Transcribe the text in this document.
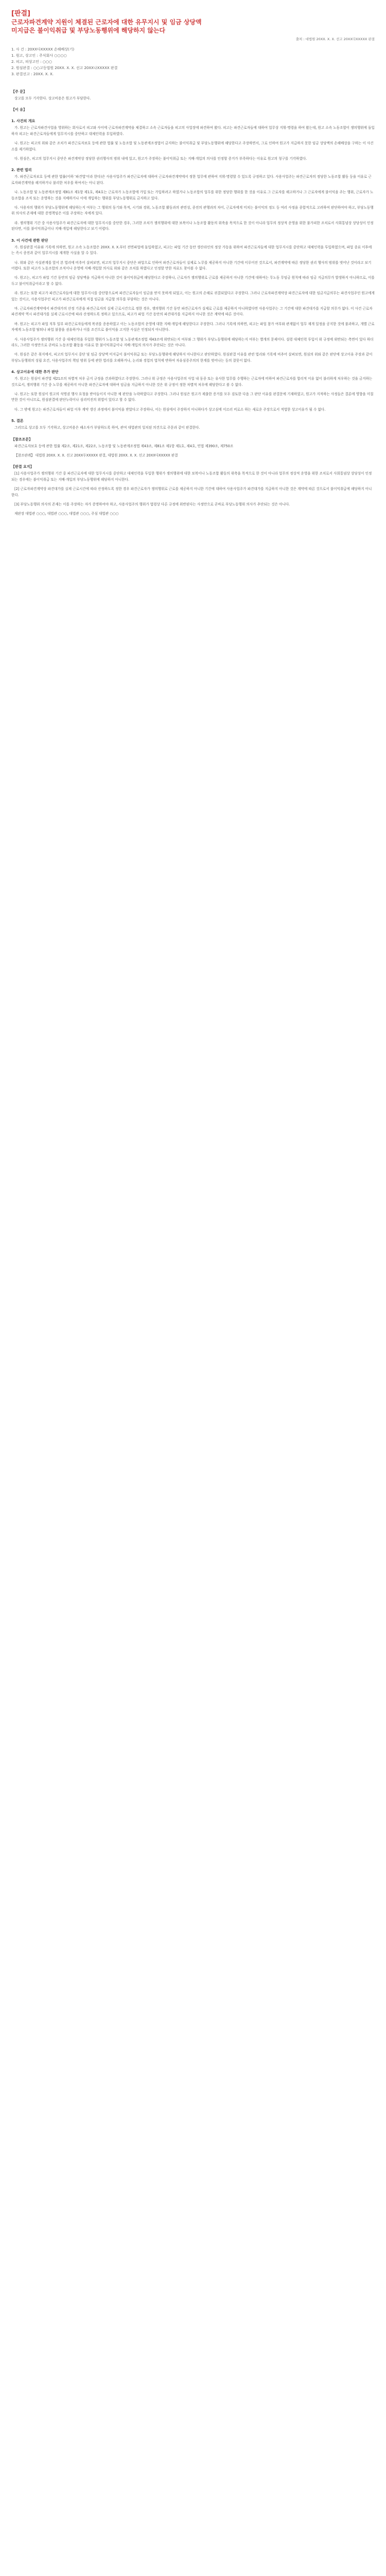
[판결]
근로자파견계약 지원이 체결된 근로자에 대한 유무지시 및 임금 상당액
미지급은 불이익취급 및 부당노동행위에 해당하지 않는다
출처 : 대법원 20XX. X. X. 선고 20XX다XXXXX 판결
1. 사 건 : 20XX다XXXXX 손해배상(기)
1. 원고, 상고인 : 주식회사 ○○○○
2. 피고, 피상고인 : ○○○
2. 원심판결 : ○○고등법원 20XX. X. X. 선고 20XX나XXXXX 판결
3. 판결선고 : 20XX. X. X.
【주 문】

상고를 모두 기각한다. 상고비용은 원고가 부담한다.

【이 유】
1. 사건의 개요

가. 원고는 근로자파견사업을 영위하는 회사로서 피고와 사이에 근로자파견계약을 체결하고 소속 근로자들을 피고의 사업장에 파견하여 왔다. 피고는 파견근로자들에 대하여 업무상 지휘·명령을 하여 왔는데, 원고 소속 노동조합이 쟁의행위에 돌입하자 피고는 파견근로자들에게 업무지시를 중단하고 대체인력을 투입하였다.

나. 원고는 피고의 위와 같은 조치가 파견근로자보호 등에 관한 법률 및 노동조합 및 노동관계조정법이 금지하는 불이익취급 및 부당노동행위에 해당한다고 주장하면서, 그로 인하여 원고가 지급하지 못한 임금 상당액의 손해배상을 구하는 이 사건 소를 제기하였다.

다. 원심은, 피고의 업무지시 중단은 파견계약상 정당한 권리행사의 범위 내에 있고, 원고가 주장하는 불이익취급 또는 지배·개입의 의사를 인정할 증거가 부족하다는 이유로 원고의 청구를 기각하였다.

2. 관련 법리

가. 파견근로자보호 등에 관한 법률(이하 '파견법'이라 한다)은 사용사업주가 파견근로자에 대하여 근로자파견계약에서 정한 업무에 관하여 지휘·명령할 수 있도록 규정하고 있다. 사용사업주는 파견근로자의 정당한 노동조합 활동 등을 이유로 근로자파견계약을 해지하거나 불리한 처우를 하여서는 아니 된다.

나. 노동조합 및 노동관계조정법 제81조 제1항 제1호, 제4호는 근로자가 노동조합에 가입 또는 가입하려고 하였거나 노동조합의 업무를 위한 정당한 행위를 한 것을 이유로 그 근로자를 해고하거나 그 근로자에게 불이익을 주는 행위, 근로자가 노동조합을 조직 또는 운영하는 것을 지배하거나 이에 개입하는 행위를 부당노동행위로 금지하고 있다.

다. 사용자의 행위가 부당노동행위에 해당하는지 여부는 그 행위의 동기와 목적, 시기와 경위, 노동조합 활동과의 관련성, 종전의 관행과의 차이, 근로자에게 미치는 불이익의 정도 등 여러 사정을 종합적으로 고려하여 판단하여야 하고, 부당노동행위 의사의 존재에 대한 증명책임은 이를 주장하는 자에게 있다.

라. 쟁의행위 기간 중 사용사업주가 파견근로자에 대한 업무지시를 중단한 경우, 그러한 조치가 쟁의행위에 대한 보복이나 노동조합 활동의 위축을 목적으로 한 것이 아니라 업무의 정상적 운영을 위한 불가피한 조치로서 사회통념상 상당성이 인정된다면, 이를 불이익취급이나 지배·개입에 해당한다고 보기 어렵다.

3. 이 사건에 관한 판단

가. 원심판결 이유와 기록에 의하면, 원고 소속 노동조합은 20XX. X. X.부터 전면파업에 돌입하였고, 피고는 파업 기간 동안 생산라인의 정상 가동을 위하여 파견근로자들에 대한 업무지시를 중단하고 대체인력을 투입하였으며, 파업 종료 이후에는 즉시 종전과 같이 업무지시를 재개한 사실을 알 수 있다.

나. 위와 같은 사실관계를 앞서 본 법리에 비추어 살펴보면, 피고의 업무지시 중단은 파업으로 인하여 파견근로자들이 실제로 노무를 제공하지 아니한 기간에 이루어진 것으로서, 파견계약에 따른 정당한 권리 행사의 범위를 벗어난 것이라고 보기 어렵다. 또한 피고가 노동조합의 조직이나 운영에 지배·개입할 의사로 위와 같은 조치를 하였다고 인정할 만한 자료도 찾아볼 수 없다.

다. 원고는, 피고가 파업 기간 동안의 임금 상당액을 지급하지 아니한 것이 불이익취급에 해당한다고 주장하나, 근로자가 쟁의행위로 근로를 제공하지 아니한 기간에 대하여는 무노동 무임금 원칙에 따라 임금 지급의무가 발생하지 아니하므로, 이를 두고 불이익취급이라고 할 수 없다.

라. 원고는 또한 피고가 파견근로자들에 대한 업무지시를 중단함으로써 파견근로자들이 임금을 받지 못하게 되었고, 이는 원고의 손해로 귀결되었다고 주장한다. 그러나 근로자파견계약상 파견근로자에 대한 임금지급의무는 파견사업주인 원고에게 있는 것이고, 사용사업주인 피고가 파견근로자에게 직접 임금을 지급할 의무를 부담하는 것은 아니다.

마. 근로자파견계약에서 파견대가의 산정 기준을 파견근로자의 실제 근로시간으로 정한 경우, 쟁의행위 기간 동안 파견근로자가 실제로 근로를 제공하지 아니하였다면 사용사업주는 그 기간에 대한 파견대가를 지급할 의무가 없다. 이 사건 근로자파견계약 역시 파견대가를 실제 근로시간에 따라 산정하도록 정하고 있으므로, 피고가 파업 기간 동안의 파견대가를 지급하지 아니한 것은 계약에 따른 것이다.

바. 원고는 피고가 파업 직후 일부 파견근로자들에게 복귀를 종용하였고 이는 노동조합의 운영에 대한 지배·개입에 해당한다고 주장한다. 그러나 기록에 의하면, 피고는 파업 참가 여부와 관계없이 업무 재개 일정을 공지한 것에 불과하고, 개별 근로자에게 노동조합 탈퇴나 파업 불참을 권유하거나 이를 조건으로 불이익을 고지한 사실은 인정되지 아니한다.

사. 사용사업주가 쟁의행위 기간 중 대체인력을 투입한 행위가 노동조합 및 노동관계조정법 제43조에 위반되는지 여부와 그 행위가 부당노동행위에 해당하는지 여부는 별개의 문제이다. 설령 대체인력 투입이 위 규정에 위반되는 측면이 있다 하더라도, 그러한 사정만으로 곧바로 노동조합 활동을 이유로 한 불이익취급이나 지배·개입의 의사가 추단되는 것은 아니다.

아. 원심은 같은 취지에서, 피고의 업무지시 중단 및 임금 상당액 미지급이 불이익취급 또는 부당노동행위에 해당하지 아니한다고 판단하였다. 원심판결 이유를 관련 법리와 기록에 비추어 살펴보면, 원심의 위와 같은 판단에 상고이유 주장과 같이 부당노동행위의 성립 요건, 사용사업주의 책임 범위 등에 관한 법리를 오해하거나, 논리와 경험의 법칙에 반하여 자유심증주의의 한계를 벗어나는 등의 잘못이 없다.

4. 상고이유에 대한 추가 판단

가. 원고는 원심이 파견법 제21조의 차별적 처우 금지 규정을 간과하였다고 주장한다. 그러나 위 규정은 사용사업주의 사업 내 동종 또는 유사한 업무를 수행하는 근로자에 비하여 파견근로자를 합리적 이유 없이 불리하게 처우하는 것을 금지하는 것으로서, 쟁의행위 기간 중 노무를 제공하지 아니한 파견근로자에 대하여 임금을 지급하지 아니한 것은 위 규정이 정한 차별적 처우에 해당한다고 볼 수 없다.

나. 원고는 또한 원심이 원고의 석명권 행사 요청을 받아들이지 아니한 채 판단을 누락하였다고 주장한다. 그러나 원심은 원고가 제출한 증거를 모두 검토한 다음 그 판단 이유를 판결문에 기재하였고, 원고가 지적하는 사정들은 결론에 영향을 미칠 만한 것이 아니므로, 원심판결에 판단누락이나 심리미진의 위법이 있다고 할 수 없다.

다. 그 밖에 원고는 파견근로자들이 파업 이후 계약 갱신 과정에서 불이익을 받았다고 주장하나, 이는 원심에서 주장하지 아니하다가 상고심에 이르러 비로소 하는 새로운 주장으로서 적법한 상고이유가 될 수 없다.

5. 결론

그러므로 상고를 모두 기각하고, 상고비용은 패소자가 부담하도록 하여, 관여 대법관의 일치된 의견으로 주문과 같이 판결한다.

【참조조문】

파견근로자보호 등에 관한 법률 제2조, 제21조, 제22조, 노동조합 및 노동관계조정법 제43조, 제81조 제1항 제1호, 제4호, 민법 제390조, 제750조

【참조판례】 대법원 20XX. X. X. 선고 20XX두XXXXX 판결, 대법원 20XX. X. X. 선고 20XX다XXXXX 판결

【판결 요지】

[1] 사용사업주가 쟁의행위 기간 중 파견근로자에 대한 업무지시를 중단하고 대체인력을 투입한 행위가 쟁의행위에 대한 보복이나 노동조합 활동의 위축을 목적으로 한 것이 아니라 업무의 정상적 운영을 위한 조치로서 사회통념상 상당성이 인정되는 경우에는 불이익취급 또는 지배·개입의 부당노동행위에 해당하지 아니한다.

[2] 근로자파견계약상 파견대가를 실제 근로시간에 따라 산정하도록 정한 경우 파견근로자가 쟁의행위로 근로를 제공하지 아니한 기간에 대하여 사용사업주가 파견대가를 지급하지 아니한 것은 계약에 따른 것으로서 불이익취급에 해당하지 아니한다.

[3] 부당노동행위 의사의 존재는 이를 주장하는 자가 증명하여야 하고, 사용사업주의 행위가 법령상 다른 규정에 위반된다는 사정만으로 곧바로 부당노동행위 의사가 추단되는 것은 아니다.

재판장 대법관 ○○○, 대법관 ○○○, 대법관 ○○○, 주심 대법관 ○○○
